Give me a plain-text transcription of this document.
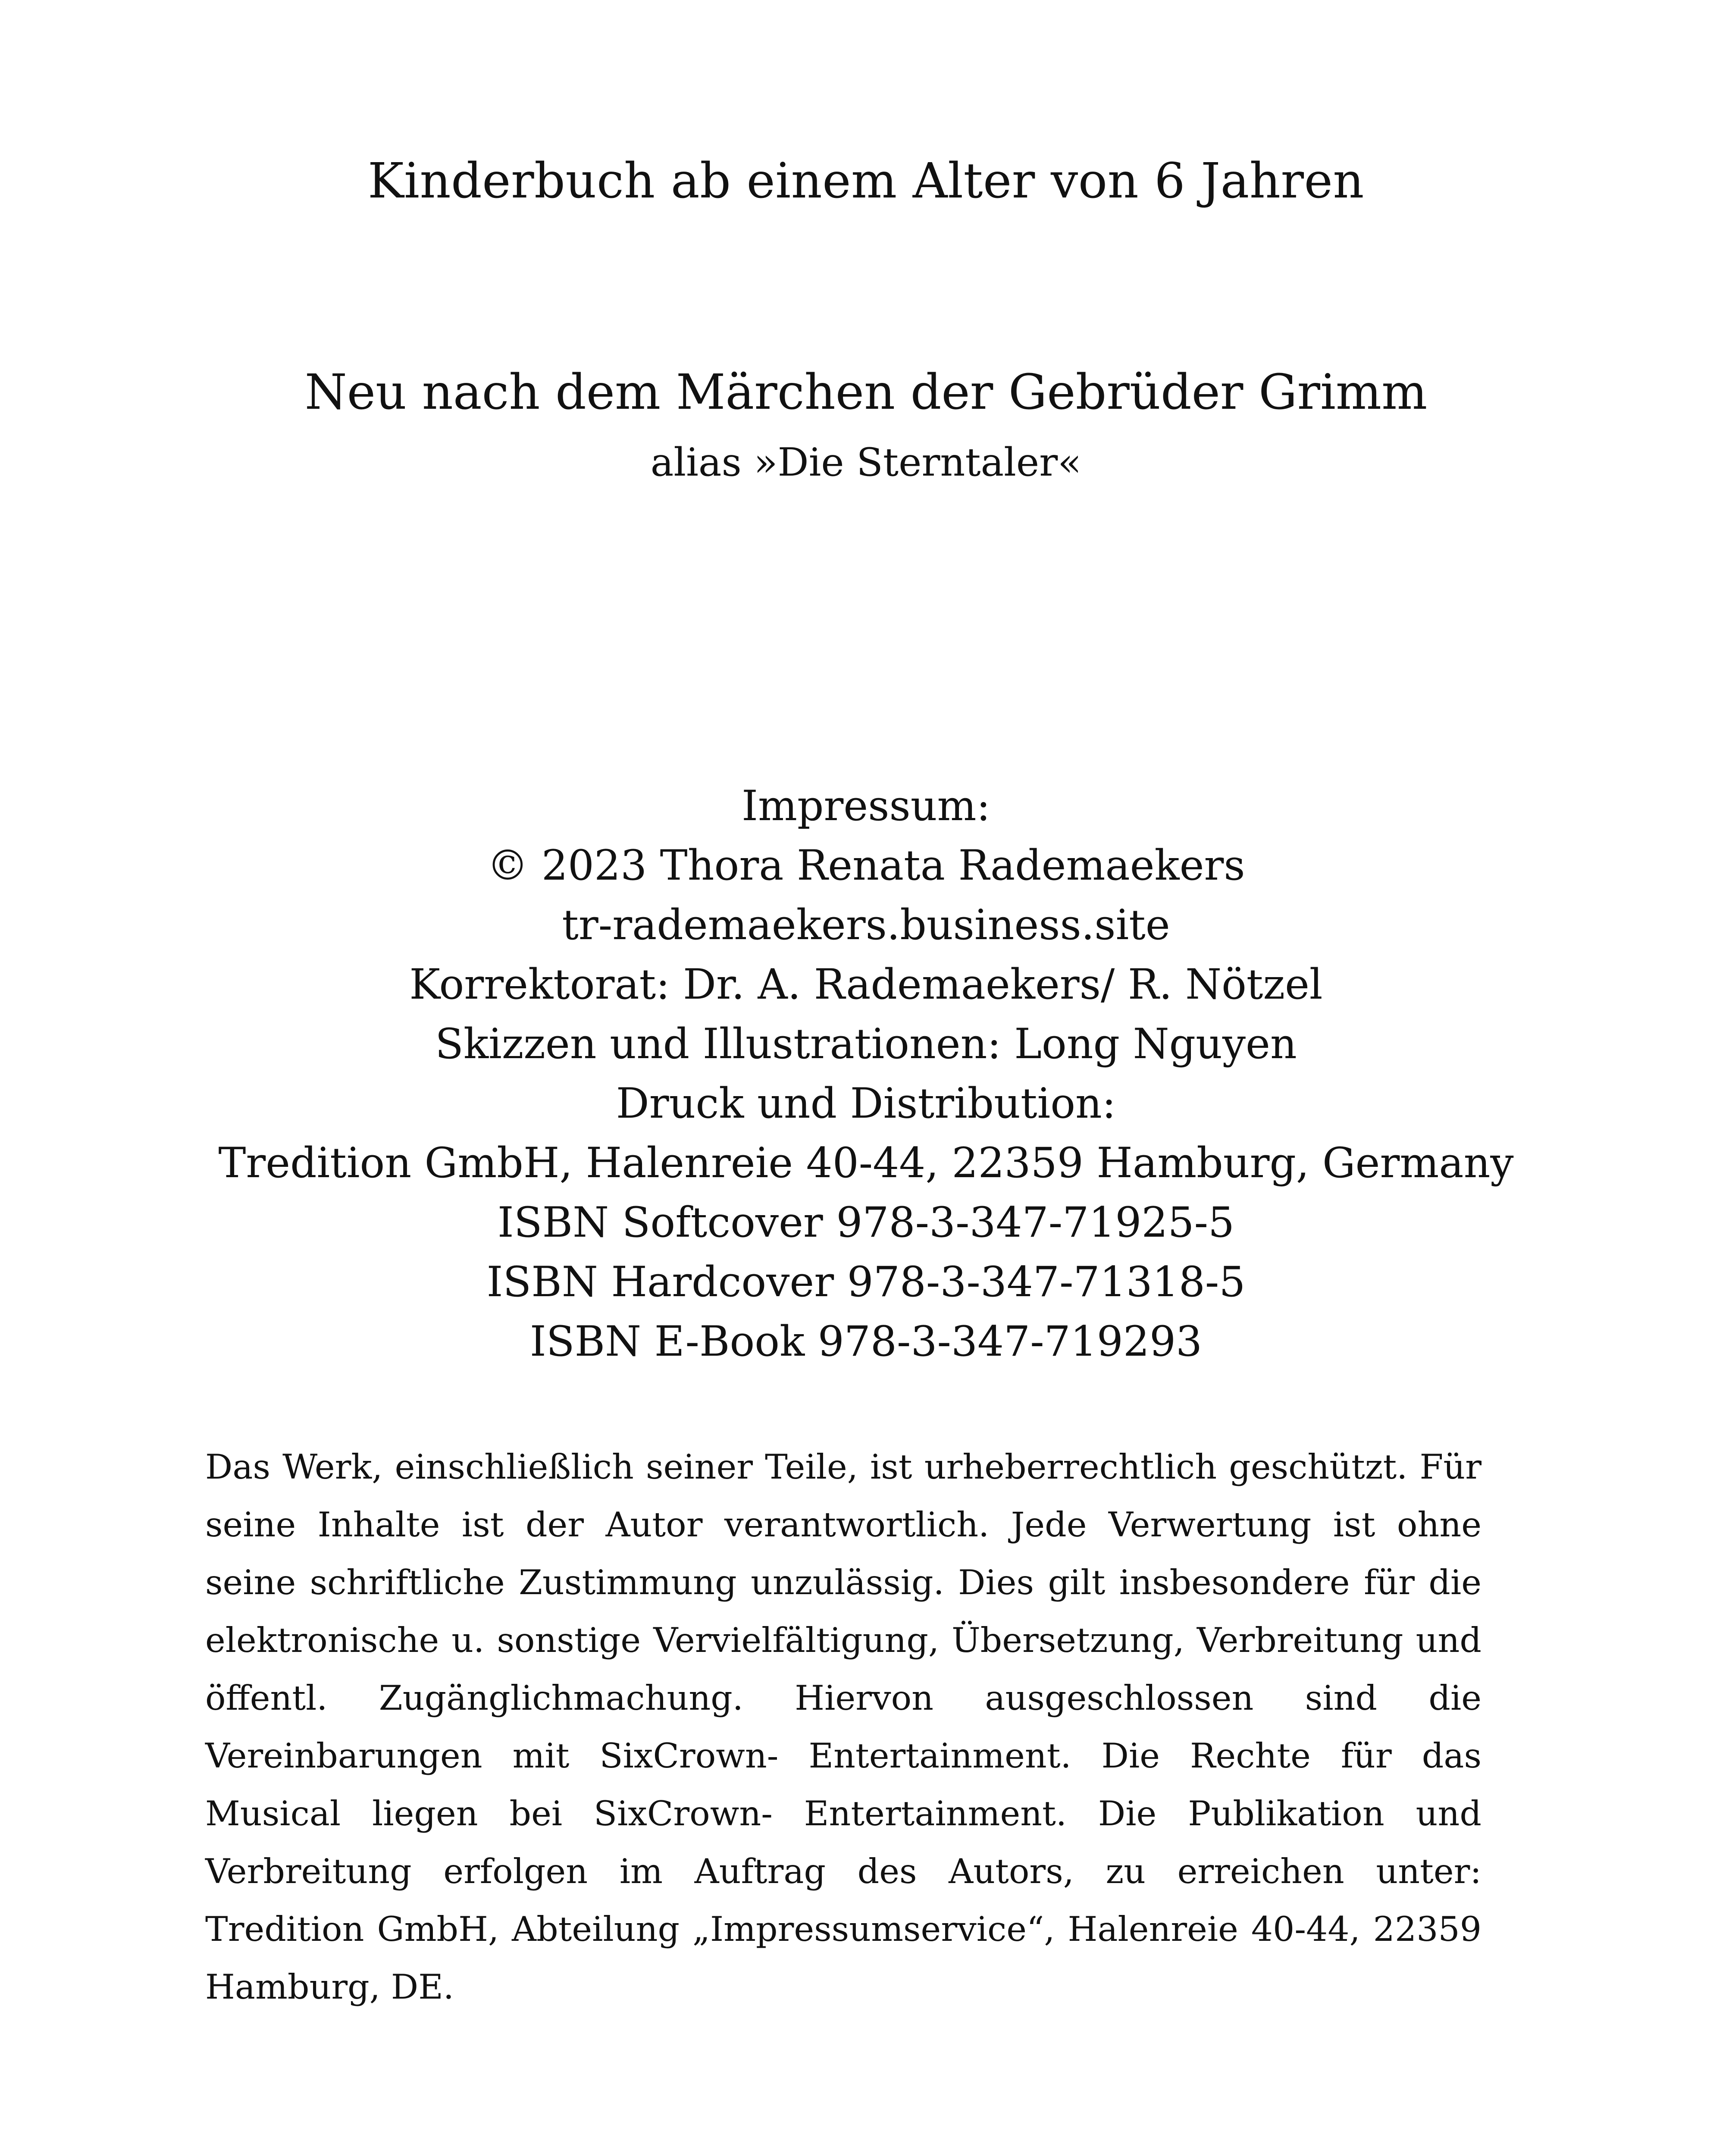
Kinderbuch ab einem Alter von 6 Jahren
Neu nach dem Märchen der Gebrüder Grimm
alias »Die Sterntaler«
Impressum:
© 2023 Thora Renata Rademaekers
tr-rademaekers.business.site
Korrektorat: Dr. A. Rademaekers/ R. Nötzel
Skizzen und Illustrationen: Long Nguyen
Druck und Distribution:
Tredition GmbH, Halenreie 40-44, 22359 Hamburg, Germany
ISBN Softcover 978-3-347-71925-5
ISBN Hardcover 978-3-347-71318-5
ISBN E-Book 978-3-347-719293
Das Werk, einschließlich seiner Teile, ist urheberrechtlich geschützt. Für seine Inhalte ist der Autor verantwortlich. Jede Verwertung ist ohne seine schriftliche Zustimmung unzulässig. Dies gilt insbesondere für die elektronische u. sonstige Vervielfältigung, Übersetzung, Verbreitung und öffentl. Zugänglichmachung. Hiervon ausgeschlossen sind die Vereinbarungen mit SixCrown- Entertainment. Die Rechte für das Musical liegen bei SixCrown- Entertainment. Die Publikation und Verbreitung erfolgen im Auftrag des Autors, zu erreichen unter: Tredition GmbH, Abteilung „Impressumservice“, Halenreie 40-44, 22359 Hamburg, DE.
